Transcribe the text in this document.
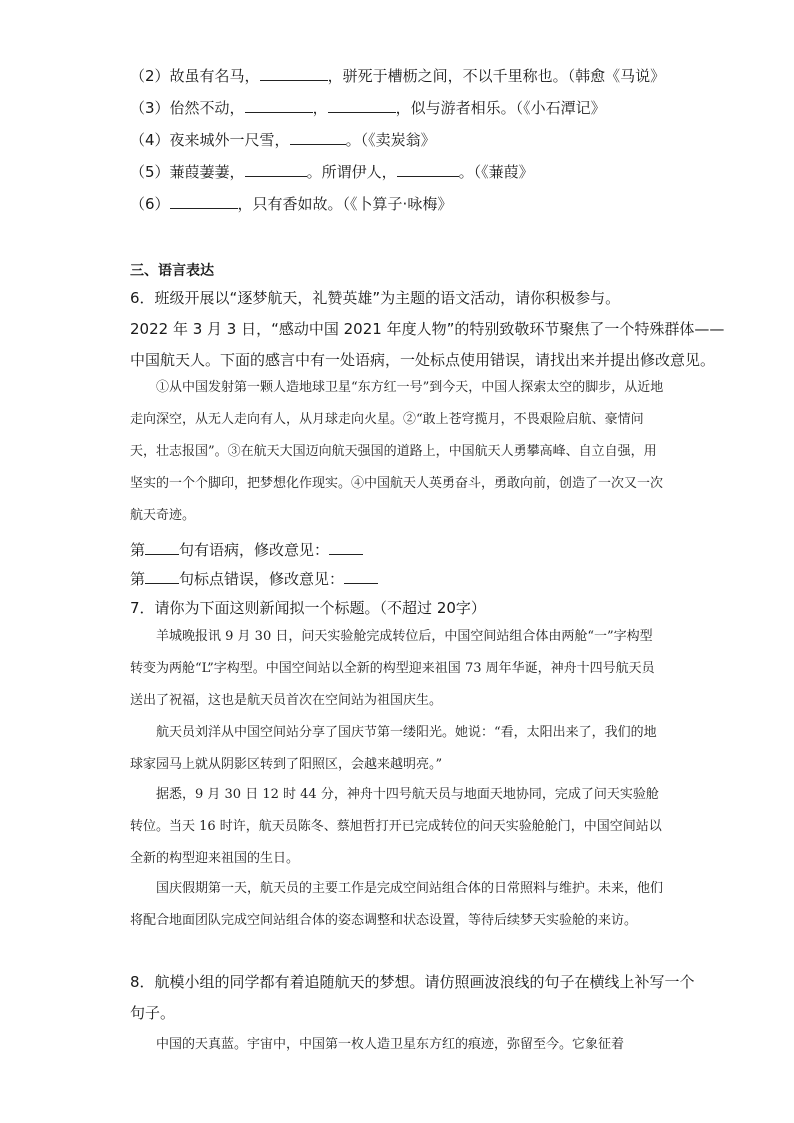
（2）故虽有名马，	，骈死于槽枥之间，不以千里称也。（韩愈《马说》
（3）佁然不动，	，	，似与游者相乐。（《小石潭记》
（4）夜来城外一尺雪，	。（《卖炭翁》
（5）蒹葭萋萋，	。所谓伊人，	。（《蒹葭》
（6）	，只有香如故。（《卜算子·咏梅》
三、语言表达
6．班级开展以“逐梦航天，礼赞英雄”为主题的语文活动，请你积极参与。
2022 年 3 月 3 日，“感动中国 2021 年度人物”的特别致敬环节聚焦了一个特殊群体——
中国航天人。下面的感言中有一处语病，一处标点使用错误，请找出来并提出修改意见。

①从中国发射第一颗人造地球卫星“东方红一号”到今天，中国人探索太空的脚步，从近地走向深空，从无人走向有人，从月球走向火星。②“敢上苍穹揽月，不畏艰险启航、豪情问天，壮志报国”。③在航天大国迈向航天强国的道路上，中国航天人勇攀高峰、自立自强，用坚实的一个个脚印，把梦想化作现实。④中国航天人英勇奋斗，勇敢向前，创造了一次又一次航天奇迹。

第 句有语病，修改意见：
第 句标点错误，修改意见：
7．请你为下面这则新闻拟一个标题。（不超过 20字）

羊城晚报讯 9 月 30 日，问天实验舱完成转位后，中国空间站组合体由两舱“一”字构型转变为两舱“L”字构型。中国空间站以全新的构型迎来祖国 73 周年华诞，神舟十四号航天员送出了祝福，这也是航天员首次在空间站为祖国庆生。

航天员刘洋从中国空间站分享了国庆节第一缕阳光。她说：“看，太阳出来了，我们的地球家园马上就从阴影区转到了阳照区，会越来越明亮。”

据悉，9 月 30 日 12 时 44 分，神舟十四号航天员与地面天地协同，完成了问天实验舱转位。当天 16 时许，航天员陈冬、蔡旭哲打开已完成转位的问天实验舱舱门，中国空间站以全新的构型迎来祖国的生日。

国庆假期第一天，航天员的主要工作是完成空间站组合体的日常照料与维护。未来，他们将配合地面团队完成空间站组合体的姿态调整和状态设置，等待后续梦天实验舱的来访。

8．航模小组的同学都有着追随航天的梦想。请仿照画波浪线的句子在横线上补写一个
句子。

中国的天真蓝。宇宙中，中国第一枚人造卫星东方红的痕迹，弥留至今。它象征着
